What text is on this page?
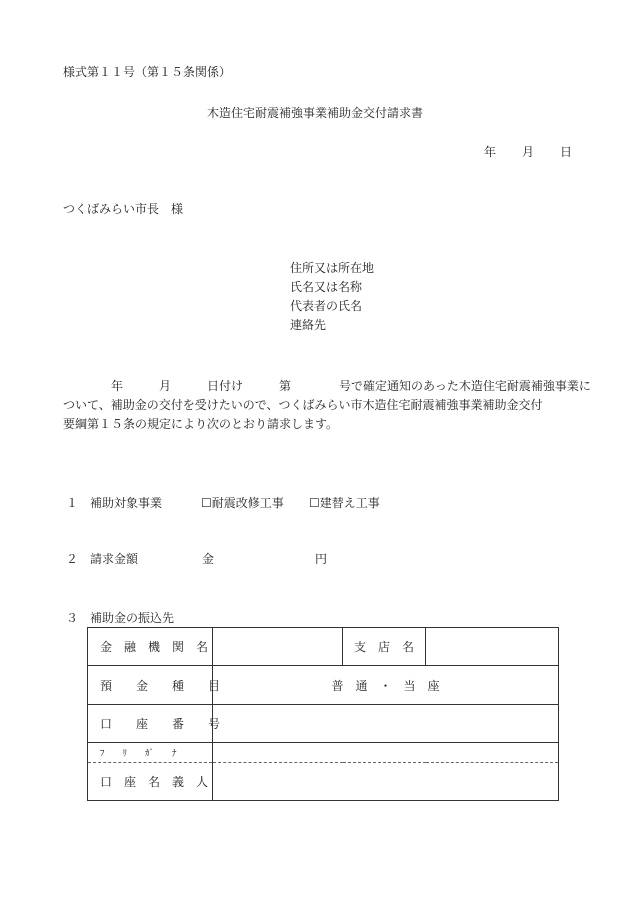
様式第１１号（第１５条関係）
木造住宅耐震補強事業補助金交付請求書
年 月 日
つくばみらい市長　様
住所又は所在地
氏名又は名称
代表者の氏名
連絡先
　　　　年　　　月　　　日付け　　　第　　　　号で確定通知のあった木造住宅耐震補強事業に
ついて、補助金の交付を受けたいので、つくばみらい市木造住宅耐震補強事業補助金交付
要綱第１５条の規定により次のとおり請求します。
１ 補助対象事業	☐耐震改修工事 ☐建替え工事
２ 請求金額	金	円
３ 補助金の振込先
金　融　機　関　名		支　店　名	
預　　金　　種　　目	普　通　・　当　座		
口　　座　　番　　号			
ﾌ　　ﾘ　　ｶﾞ　　ﾅ			
口　座　名　義　人			
